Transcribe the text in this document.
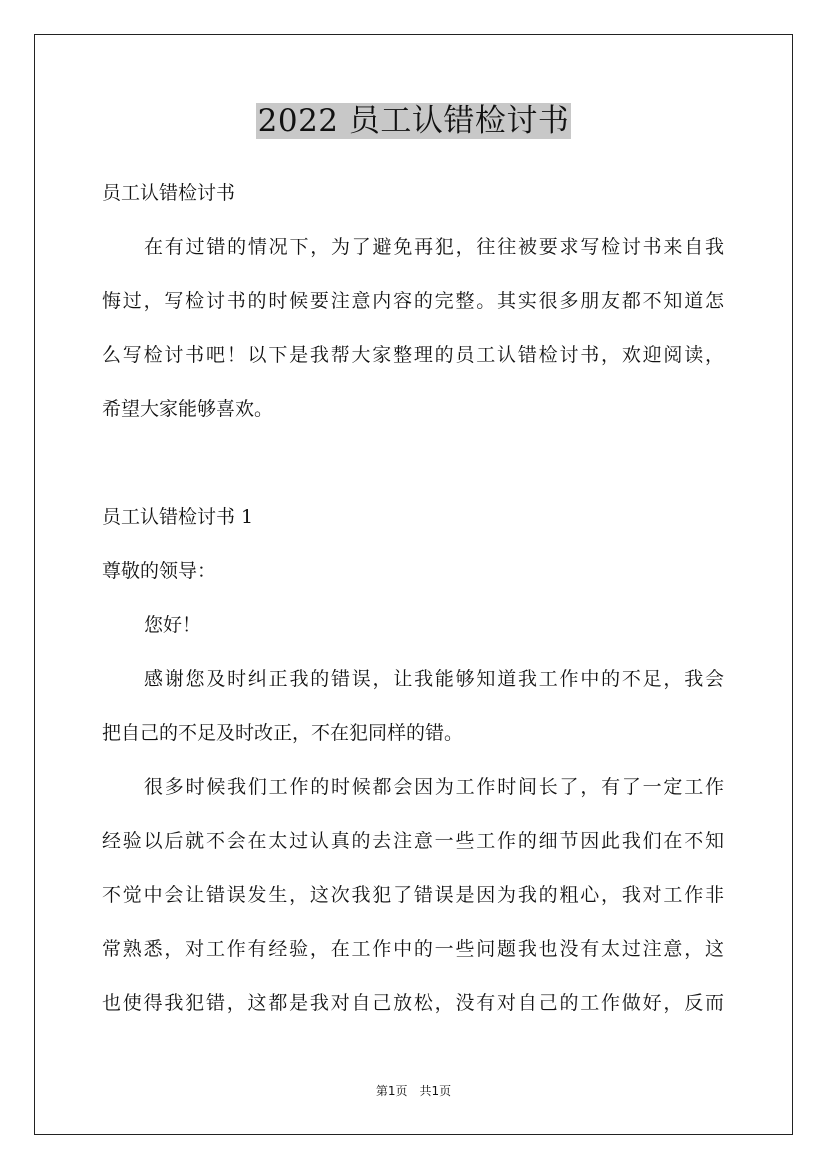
2022 员工认错检讨书
员工认错检讨书
在有过错的情况下，为了避免再犯，往往被要求写检讨书来自我
悔过，写检讨书的时候要注意内容的完整。其实很多朋友都不知道怎
么写检讨书吧！以下是我帮大家整理的员工认错检讨书，欢迎阅读，
希望大家能够喜欢。
员工认错检讨书 1
尊敬的领导：
您好！
感谢您及时纠正我的错误，让我能够知道我工作中的不足，我会
把自己的不足及时改正，不在犯同样的错。
很多时候我们工作的时候都会因为工作时间长了，有了一定工作
经验以后就不会在太过认真的去注意一些工作的细节因此我们在不知
不觉中会让错误发生，这次我犯了错误是因为我的粗心，我对工作非
常熟悉，对工作有经验，在工作中的一些问题我也没有太过注意，这
也使得我犯错，这都是我对自己放松，没有对自己的工作做好，反而
第1页　共1页
